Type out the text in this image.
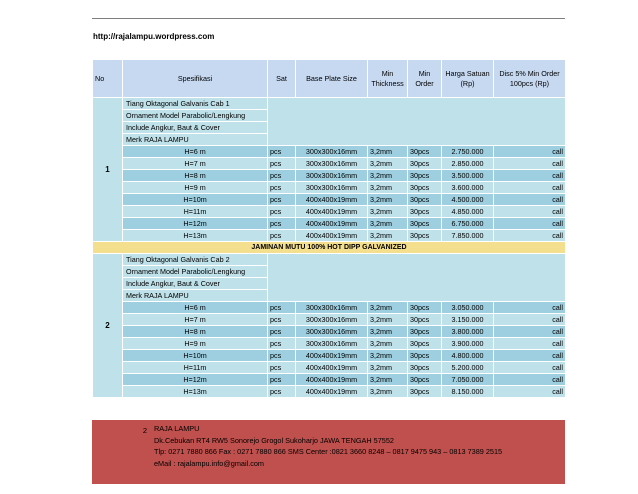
http://rajalampu.wordpress.com
No	Spesifikasi	Sat	Base Plate Size	Min Thickness	Min Order	Harga Satuan (Rp)	Disc 5% Min Order 100pcs (Rp)
1	Tiang Oktagonal Galvanis Cab 1						
	Ornament Model Parabolic/Lengkung						
	Include Angkur, Baut & Cover						
	Merk RAJA LAMPU						
	H=6 m	pcs	300x300x16mm	3,2mm	30pcs	2.750.000	call
	H=7 m	pcs	300x300x16mm	3,2mm	30pcs	2.850.000	call
	H=8 m	pcs	300x300x16mm	3,2mm	30pcs	3.500.000	call
	H=9 m	pcs	300x300x16mm	3,2mm	30pcs	3.600.000	call
	H=10m	pcs	400x400x19mm	3,2mm	30pcs	4.500.000	call
	H=11m	pcs	400x400x19mm	3,2mm	30pcs	4.850.000	call
	H=12m	pcs	400x400x19mm	3,2mm	30pcs	6.750.000	call
	H=13m	pcs	400x400x19mm	3,2mm	30pcs	7.850.000	call
JAMINAN MUTU 100% HOT DIPP GALVANIZED							
2	Tiang Oktagonal Galvanis Cab 2						
	Ornament Model Parabolic/Lengkung						
	Include Angkur, Baut & Cover						
	Merk RAJA LAMPU						
	H=6 m	pcs	300x300x16mm	3,2mm	30pcs	3.050.000	call
	H=7 m	pcs	300x300x16mm	3,2mm	30pcs	3.150.000	call
	H=8 m	pcs	300x300x16mm	3,2mm	30pcs	3.800.000	call
	H=9 m	pcs	300x300x16mm	3,2mm	30pcs	3.900.000	call
	H=10m	pcs	400x400x19mm	3,2mm	30pcs	4.800.000	call
	H=11m	pcs	400x400x19mm	3,2mm	30pcs	5.200.000	call
	H=12m	pcs	400x400x19mm	3,2mm	30pcs	7.050.000	call
	H=13m	pcs	400x400x19mm	3,2mm	30pcs	8.150.000	call
2 RAJA LAMPU
Dk.Cebukan RT4 RW5 Sonorejo Grogol Sukoharjo JAWA TENGAH 57552
Tlp: 0271 7880 866 Fax : 0271 7880 866 SMS Center :0821 3660 8248 – 0817 9475 943 – 0813 7389 2515
eMail : rajalampu.info@gmail.com
